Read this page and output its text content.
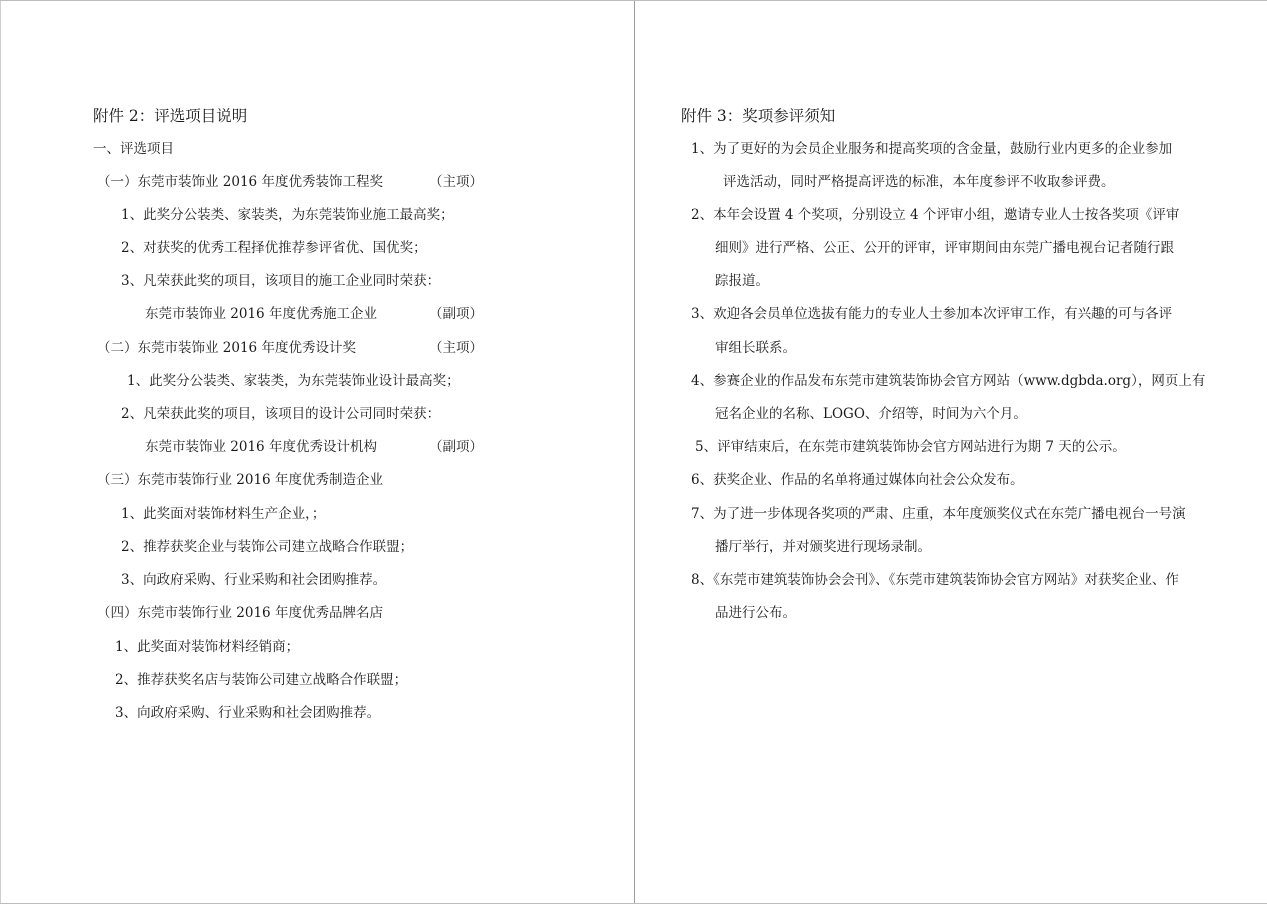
附件 2：评选项目说明
一、评选项目
（一）东莞市装饰业 2016 年度优秀装饰工程奖	（主项）
1、此奖分公装类、家装类，为东莞装饰业施工最高奖；
2、对获奖的优秀工程择优推荐参评省优、国优奖；
3、凡荣获此奖的项目，该项目的施工企业同时荣获：
东莞市装饰业 2016 年度优秀施工企业	（副项）
（二）东莞市装饰业 2016 年度优秀设计奖	（主项）
1、此奖分公装类、家装类，为东莞装饰业设计最高奖；
2、凡荣获此奖的项目，该项目的设计公司同时荣获：
东莞市装饰业 2016 年度优秀设计机构	（副项）
（三）东莞市装饰行业 2016 年度优秀制造企业
1、此奖面对装饰材料生产企业，；
2、推荐获奖企业与装饰公司建立战略合作联盟；
3、向政府采购、行业采购和社会团购推荐。
（四）东莞市装饰行业 2016 年度优秀品牌名店
1、此奖面对装饰材料经销商；
2、推荐获奖名店与装饰公司建立战略合作联盟；
3、向政府采购、行业采购和社会团购推荐。
附件 3：奖项参评须知
1、为了更好的为会员企业服务和提高奖项的含金量，鼓励行业内更多的企业参加
评选活动，同时严格提高评选的标准，本年度参评不收取参评费。
2、本年会设置 4 个奖项，分别设立 4 个评审小组，邀请专业人士按各奖项《评审
细则》进行严格、公正、公开的评审，评审期间由东莞广播电视台记者随行跟
踪报道。
3、欢迎各会员单位选拔有能力的专业人士参加本次评审工作，有兴趣的可与各评
审组长联系。
4、参赛企业的作品发布东莞市建筑装饰协会官方网站（www.dgbda.org），网页上有
冠名企业的名称、LOGO、介绍等，时间为六个月。
5、评审结束后，在东莞市建筑装饰协会官方网站进行为期 7 天的公示。
6、获奖企业、作品的名单将通过媒体向社会公众发布。
7、为了进一步体现各奖项的严肃、庄重，本年度颁奖仪式在东莞广播电视台一号演
播厅举行，并对颁奖进行现场录制。
8、《东莞市建筑装饰协会会刊》、《东莞市建筑装饰协会官方网站》对获奖企业、作
品进行公布。
